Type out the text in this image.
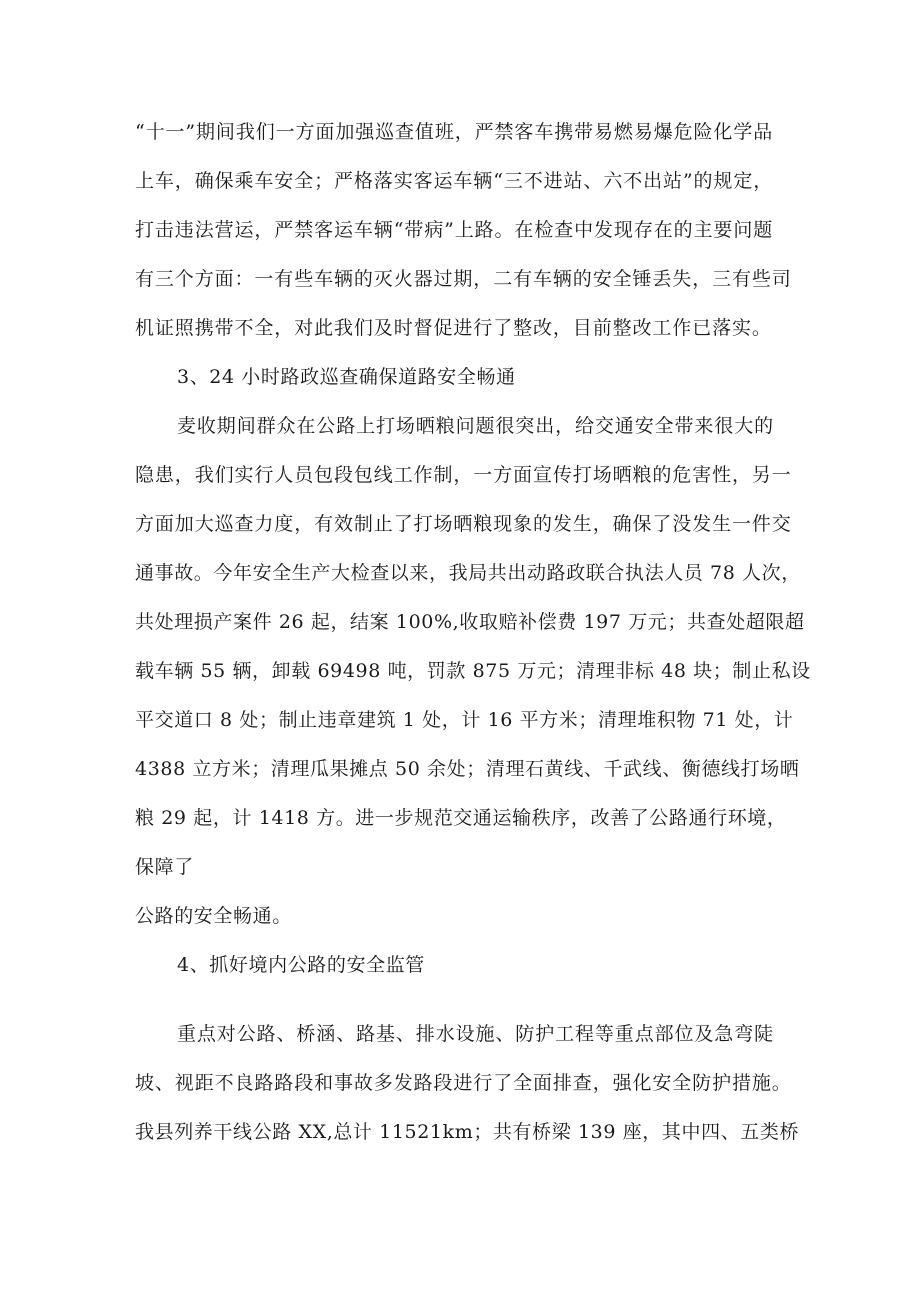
“十一”期间我们一方面加强巡查值班，严禁客车携带易燃易爆危险化学品
上车，确保乘车安全；严格落实客运车辆“三不进站、六不出站”的规定，
打击违法营运，严禁客运车辆“带病”上路。在检查中发现存在的主要问题
有三个方面：一有些车辆的灭火器过期，二有车辆的安全锤丢失，三有些司
机证照携带不全，对此我们及时督促进行了整改，目前整改工作已落实。
3、24 小时路政巡查确保道路安全畅通
麦收期间群众在公路上打场晒粮问题很突出，给交通安全带来很大的
隐患，我们实行人员包段包线工作制，一方面宣传打场晒粮的危害性，另一
方面加大巡查力度，有效制止了打场晒粮现象的发生，确保了没发生一件交
通事故。今年安全生产大检查以来，我局共出动路政联合执法人员 78 人次，
共处理损产案件 26 起，结案 100%,收取赔补偿费 197 万元；共查处超限超
载车辆 55 辆，卸载 69498 吨，罚款 875 万元；清理非标 48 块；制止私设
平交道口 8 处；制止违章建筑 1 处，计 16 平方米；清理堆积物 71 处，计
4388 立方米；清理瓜果摊点 50 余处；清理石黄线、千武线、衡德线打场晒
粮 29 起，计 1418 方。进一步规范交通运输秩序，改善了公路通行环境，
保障了
公路的安全畅通。
4、抓好境内公路的安全监管
重点对公路、桥涵、路基、排水设施、防护工程等重点部位及急弯陡
坡、视距不良路路段和事故多发路段进行了全面排查，强化安全防护措施。
我县列养干线公路 XX,总计 11521km；共有桥梁 139 座，其中四、五类桥
